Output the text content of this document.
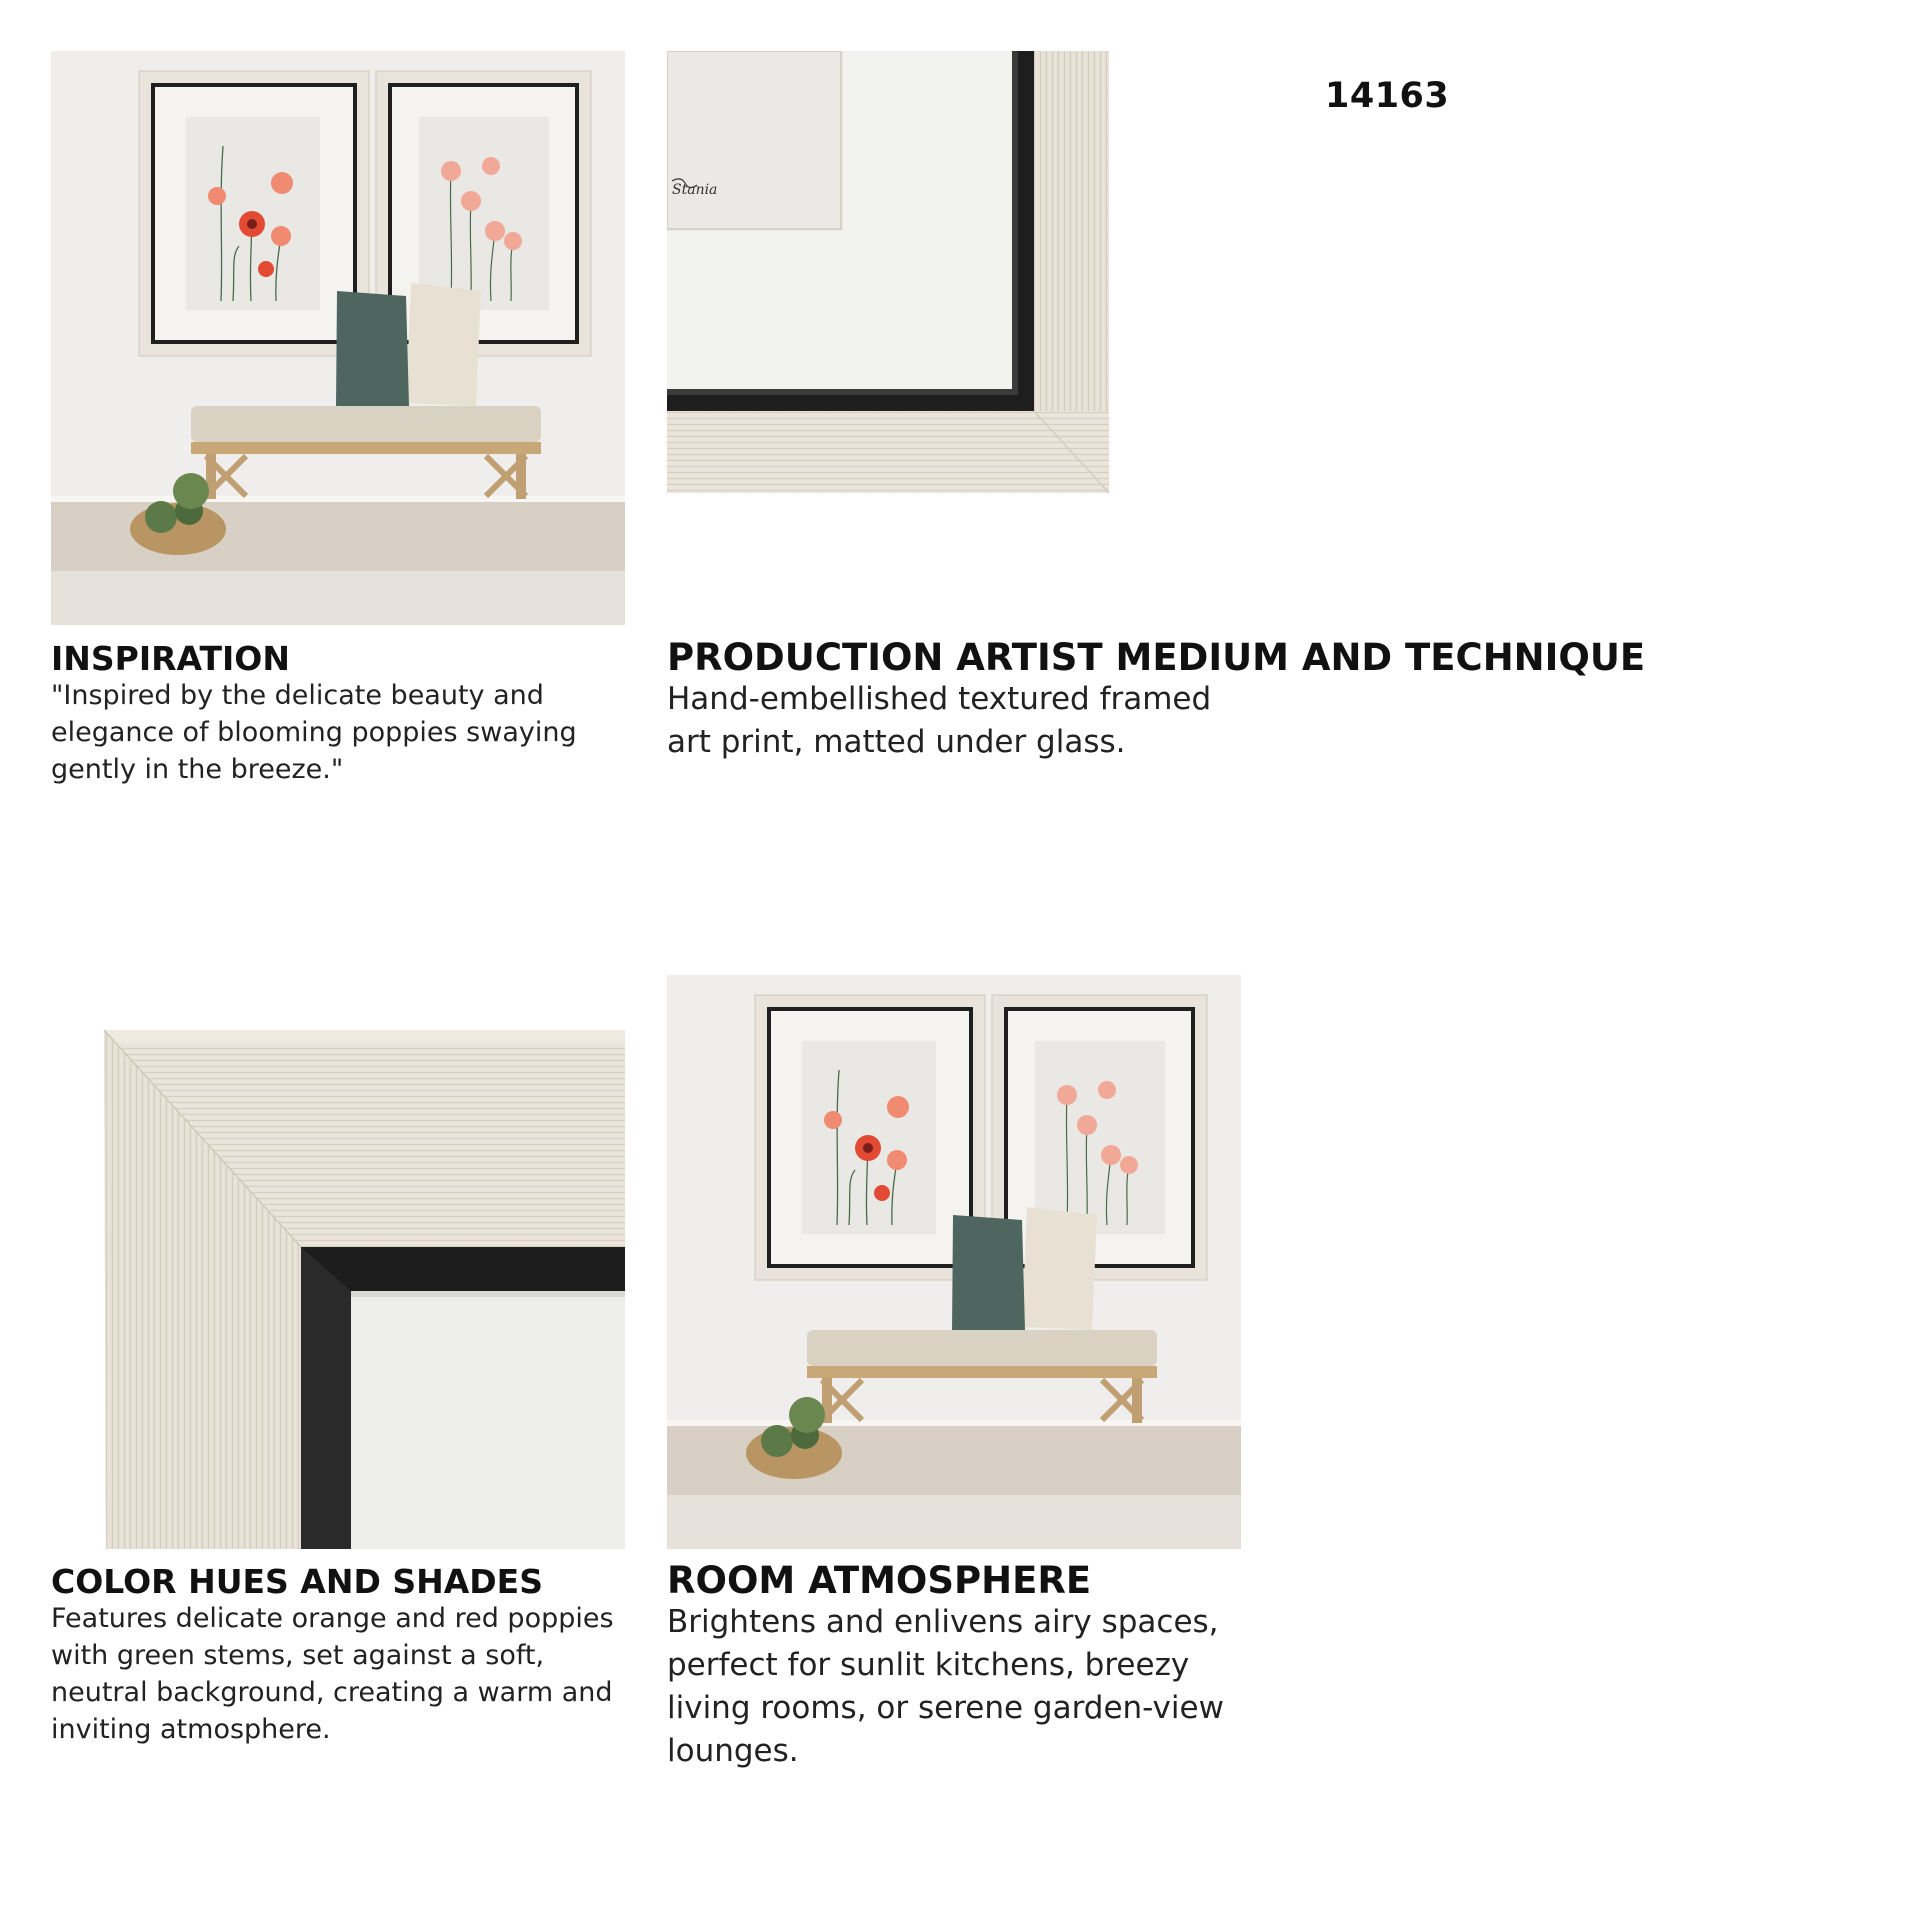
14163
Stania
INSPIRATION
"Inspired by the delicate beauty and elegance of blooming poppies swaying gently in the breeze."
PRODUCTION ARTIST MEDIUM AND TECHNIQUE
Hand-embellished textured framed art print, matted under glass.
COLOR HUES AND SHADES
Features delicate orange and red poppies with green stems, set against a soft, neutral background, creating a warm and inviting atmosphere.
ROOM ATMOSPHERE
Brightens and enlivens airy spaces, perfect for sunlit kitchens, breezy living rooms, or serene garden-view lounges.
